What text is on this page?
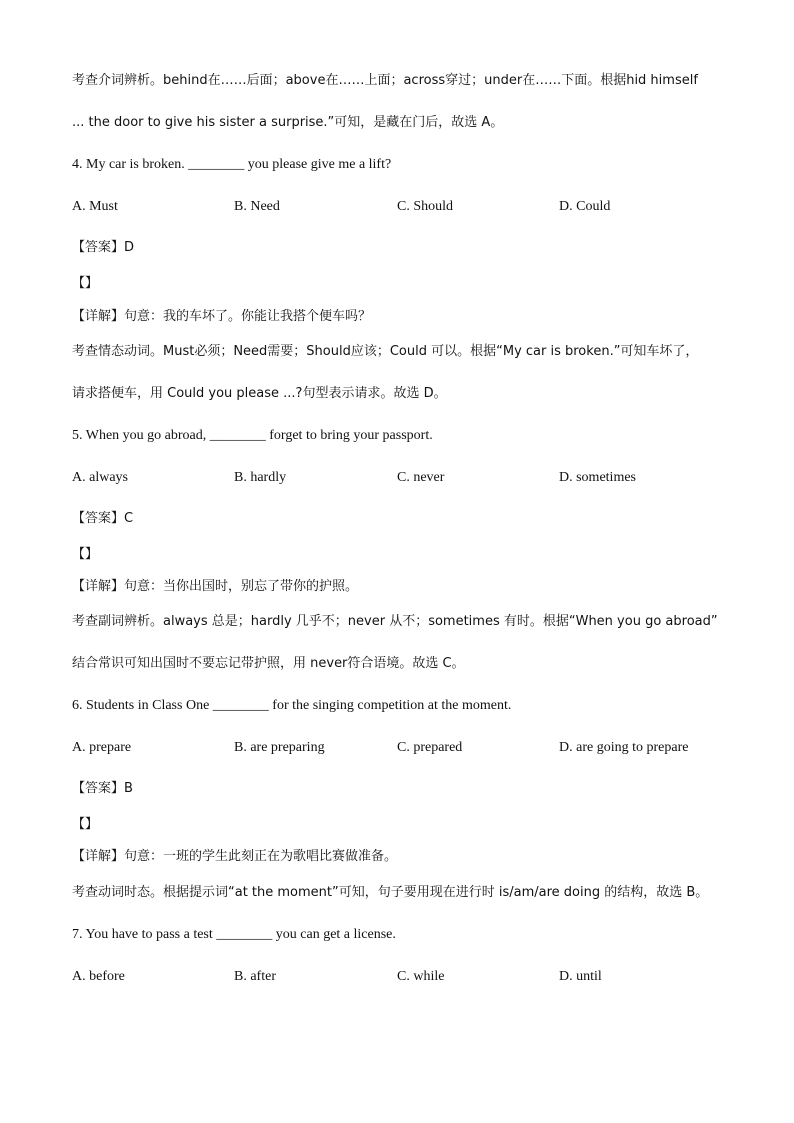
考查介词辨析。behind在……后面；above在……上面；across穿过；under在……下面。根据hid himself
... the door to give his sister a surprise.”可知，是藏在门后，故选 A。
4. My car is broken. ________ you please give me a lift?
A. Must	B. Need	C. Should	D. Could
【答案】D
【】
【详解】句意：我的车坏了。你能让我搭个便车吗？
考查情态动词。Must必须；Need需要；Should应该；Could 可以。根据“My car is broken.”可知车坏了，
请求搭便车，用 Could you please ...?句型表示请求。故选 D。
5. When you go abroad, ________ forget to bring your passport.
A. always	B. hardly	C. never	D. sometimes
【答案】C
【】
【详解】句意：当你出国时，别忘了带你的护照。
考查副词辨析。always 总是；hardly 几乎不；never 从不；sometimes 有时。根据“When you go abroad”
结合常识可知出国时不要忘记带护照，用 never符合语境。故选 C。
6. Students in Class One ________ for the singing competition at the moment.
A. prepare	B. are preparing	C. prepared	D. are going to prepare
【答案】B
【】
【详解】句意：一班的学生此刻正在为歌唱比赛做准备。
考查动词时态。根据提示词“at the moment”可知，句子要用现在进行时 is/am/are doing 的结构，故选 B。
7. You have to pass a test ________ you can get a license.
A. before	B. after	C. while	D. until
